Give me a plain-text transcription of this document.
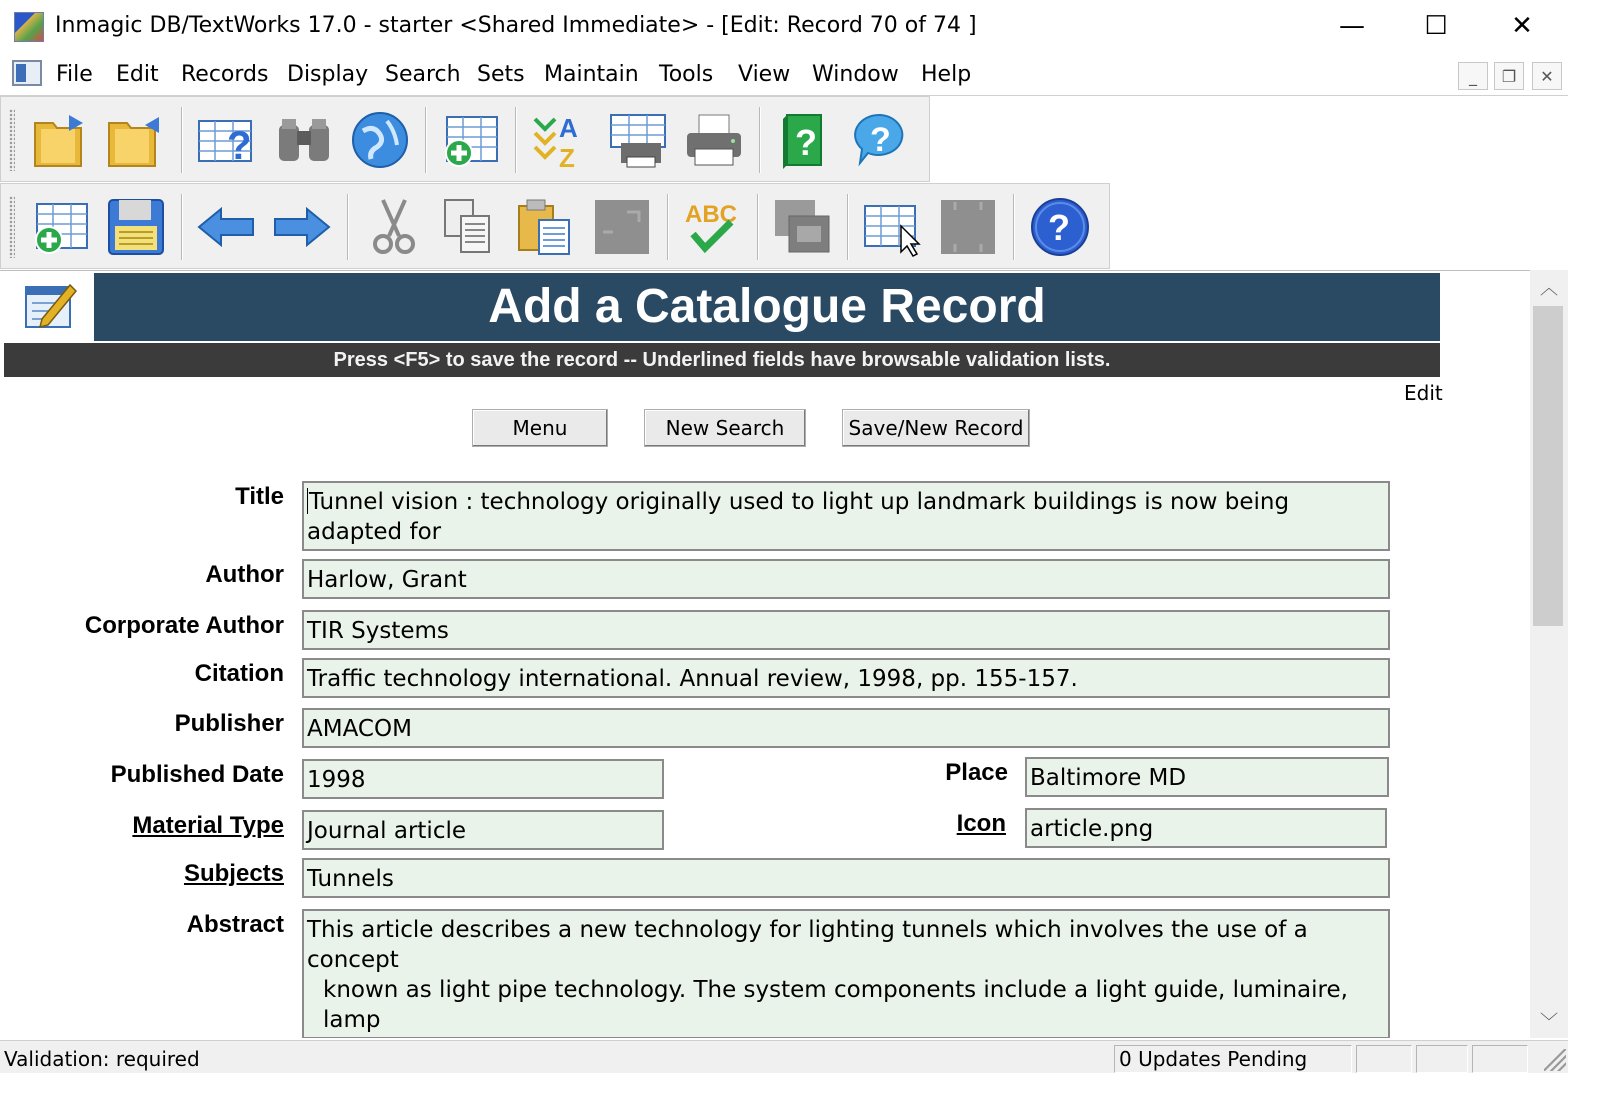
Inmagic DB/TextWorks 17.0 - starter <Shared Immediate> - [Edit: Record 70 of 74 ]	— ☐ ✕
File Edit Records Display Search Sets Maintain Tools View Window Help	_ ❐ ✕
?	A
Z	? ?
ABC	?
Add a Catalogue Record
Press <F5> to save the record -- Underlined fields have browsable validation lists.
Edit
Menu	New Search	Save/New Record
Title	Tunnel vision : technology originally used to light up landmark buildings is now being adapted for
Author Harlow, Grant
Corporate Author TIR Systems
Citation Traffic technology international. Annual review, 1998, pp. 155-157.
Publisher AMACOM
Published Date 1998	Place Baltimore MD
Material Type Journal article	Icon article.png
Subjects Tunnels
Abstract This article describes a new technology for lighting tunnels which involves the use of a concept
known as light pipe technology. The system components include a light guide, luminaire, lamp
︿
﹀
Validation: required	0 Updates Pending
